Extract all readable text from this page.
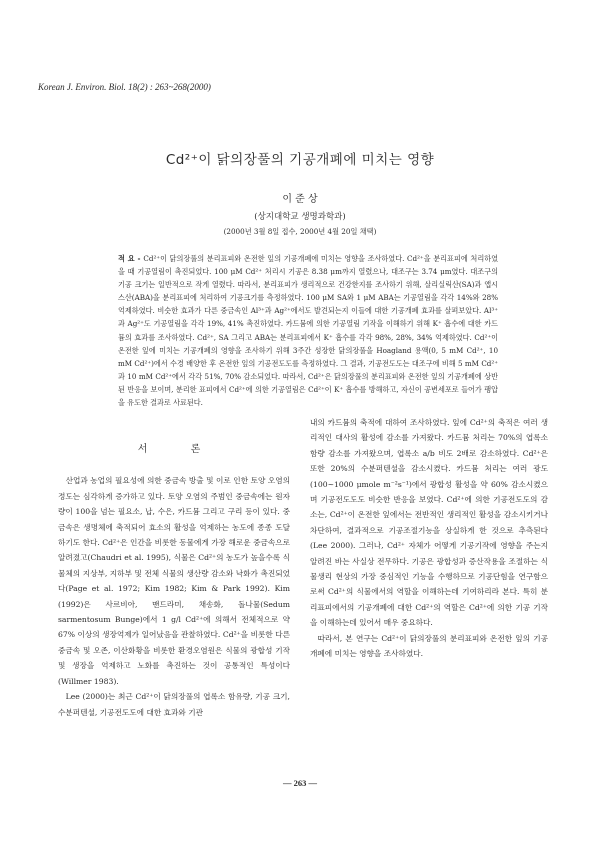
Korean J. Environ. Biol. 18(2) : 263~268(2000)
Cd²⁺이 닭의장풀의 기공개폐에 미치는 영향
이 준 상
(상지대학교 생명과학과)
(2000년 3월 8일 접수, 2000년 4월 20일 채택)
적 요 - Cd²⁺이 닭의장풀의 분리표피와 온전한 잎의 기공개폐에 미치는 영향을 조사하였다. Cd²⁺을 분리표피에 처리하였을 때 기공열림이 촉진되었다. 100 μM Cd²⁺ 처리시 기공은 8.38 μm까지 열렸으나, 대조구는 3.74 μm였다. 대조구의 기공 크기는 일반적으로 작게 열렸다. 따라서, 분리표피가 생리적으로 건강한지를 조사하기 위해, 살리실릭산(SA)과 앱시스산(ABA)을 분리표피에 처리하여 기공크기를 측정하였다. 100 μM SA와 1 μM ABA는 기공열림을 각각 14%와 28% 억제하였다. 비슷한 효과가 다른 중금속인 Al³⁺과 Ag²⁺에서도 발견되는지 이들에 대한 기공개폐 효과를 살펴보았다. Al³⁺과 Ag²⁺도 기공열림을 각각 19%, 41% 촉진하였다. 카드뮴에 의한 기공열림 기작을 이해하기 위해 K⁺ 흡수에 대한 카드뮴의 효과를 조사하였다. Cd²⁺, SA 그리고 ABA는 분리표피에서 K⁺ 흡수를 각각 98%, 28%, 34% 억제하였다. Cd²⁺이 온전한 잎에 미치는 기공개폐의 영향을 조사하기 위해 3주간 성장한 닭의장풀을 Hoagland 용액(0, 5 mM Cd²⁺, 10 mM Cd²⁺)에서 수경 배양한 후 온전한 잎의 기공전도도를 측정하였다. 그 결과, 기공전도도는 대조구에 비해 5 mM Cd²⁺과 10 mM Cd²⁺에서 각각 51%, 70% 감소되었다. 따라서, Cd²⁺은 닭의장풀의 분리표피와 온전한 잎의 기공개폐에 상반된 반응을 보이며, 분리한 표피에서 Cd²⁺에 의한 기공열림은 Cd²⁺이 K⁺ 흡수를 방해하고, 자신이 공변세포로 들어가 팽압을 유도한 결과로 사료된다.
서 론

산업과 농업의 필요성에 의한 중금속 방출 및 이로 인한 토양 오염의 정도는 심각하게 증가하고 있다. 토양 오염의 주범인 중금속에는 원자량이 100을 넘는 필요소, 납, 수은, 카드뮴 그리고 구리 등이 있다. 중금속은 생명체에 축적되어 효소의 활성을 억제하는 농도에 종종 도달하기도 한다. Cd²⁺은 인간을 비롯한 동물에게 가장 해로운 중금속으로 알려졌고(Chaudri et al. 1995), 식물은 Cd²⁺의 농도가 높을수록 식물체의 지상부, 지하부 및 전체 식물의 생산량 감소와 낙화가 촉진되었다(Page et al. 1972; Kim 1982; Kim & Park 1992). Kim (1992)은 사르비아, 맨드라미, 채송화, 돌나물(Sedum sarmentosum Bunge)에서 1 g/l Cd²⁺에 의해서 전체적으로 약 67% 이상의 생장억제가 일어났음을 관찰하였다. Cd²⁺을 비롯한 다른 중금속 및 오존, 이산화황을 비롯한 환경오염원은 식물의 광합성 기작 및 생장을 억제하고 노화를 촉진하는 것이 공통적인 특성이다(Willmer 1983).

Lee (2000)는 최근 Cd²⁺이 닭의장풀의 엽록소 함유량, 기공 크기, 수분퍼텐셜, 기공전도도에 대한 효과와 기관

내의 카드뮴의 축적에 대하여 조사하였다. 잎에 Cd²⁺의 축적은 여러 생리적인 대사의 활성에 감소를 가져왔다. 카드뮴 처리는 70%의 엽록소 함량 감소를 가져왔으며, 엽록소 a/b 비도 2배로 감소하였다. Cd²⁺은 또한 20%의 수분퍼텐셜을 감소시켰다. 카드뮴 처리는 여러 광도 (100~1000 μmole m⁻²s⁻¹)에서 광합성 활성을 약 60% 감소시켰으며 기공전도도도 비슷한 반응을 보였다. Cd²⁺에 의한 기공전도도의 감소는, Cd²⁺이 온전한 잎에서는 전반적인 생리적인 활성을 감소시키거나 차단하여, 결과적으로 기공조절기능을 상실하게 한 것으로 추측된다(Lee 2000). 그러나, Cd²⁺ 자체가 어떻게 기공기작에 영향을 주는지 알려진 바는 사실상 전무하다. 기공은 광합성과 증산작용을 조절하는 식물생리 현상의 가장 중심적인 기능을 수행하므로 기공단힘을 연구함으로써 Cd²⁺의 식물에서의 역할을 이해하는데 기여하리라 본다. 특히 분리표피에서의 기공개폐에 대한 Cd²⁺의 역할은 Cd²⁺에 의한 기공 기작을 이해하는데 있어서 매우 중요하다.

따라서, 본 연구는 Cd²⁺이 닭의장풀의 분리표피와 온전한 잎의 기공개폐에 미치는 영향을 조사하였다.

— 263 —
